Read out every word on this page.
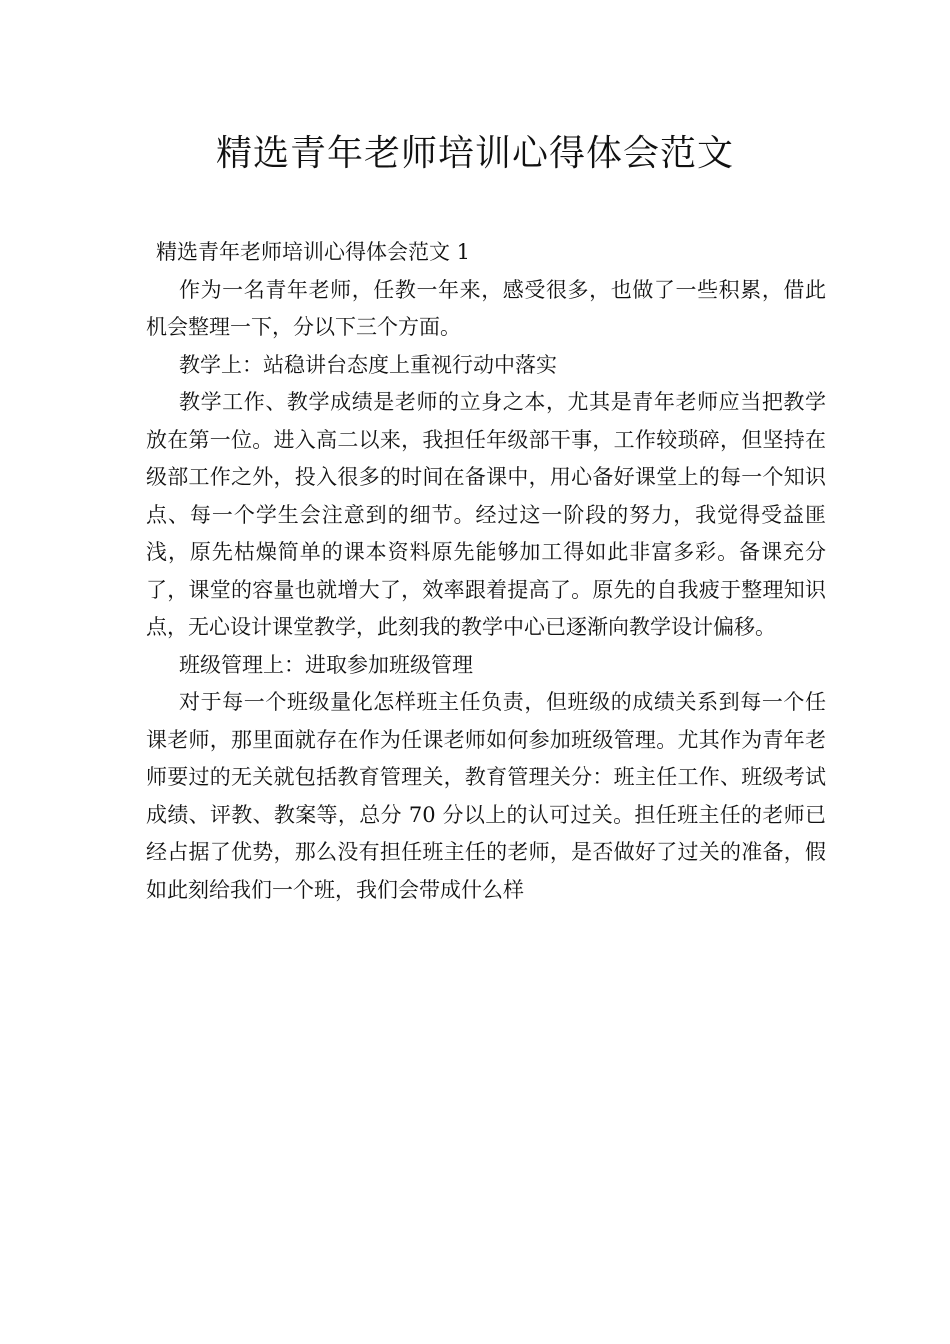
精选青年老师培训心得体会范文

精选青年老师培训心得体会范文 1

作为一名青年老师，任教一年来，感受很多，也做了一些积累，借此机会整理一下，分以下三个方面。

教学上：站稳讲台态度上重视行动中落实

教学工作、教学成绩是老师的立身之本，尤其是青年老师应当把教学放在第一位。进入高二以来，我担任年级部干事，工作较琐碎，但坚持在级部工作之外，投入很多的时间在备课中，用心备好课堂上的每一个知识点、每一个学生会注意到的细节。经过这一阶段的努力，我觉得受益匪浅，原先枯燥简单的课本资料原先能够加工得如此非富多彩。备课充分了，课堂的容量也就增大了，效率跟着提高了。原先的自我疲于整理知识点，无心设计课堂教学，此刻我的教学中心已逐渐向教学设计偏移。

班级管理上：进取参加班级管理

对于每一个班级量化怎样班主任负责，但班级的成绩关系到每一个任课老师，那里面就存在作为任课老师如何参加班级管理。尤其作为青年老师要过的无关就包括教育管理关，教育管理关分：班主任工作、班级考试成绩、评教、教案等，总分 70 分以上的认可过关。担任班主任的老师已经占据了优势，那么没有担任班主任的老师，是否做好了过关的准备，假如此刻给我们一个班，我们会带成什么样
